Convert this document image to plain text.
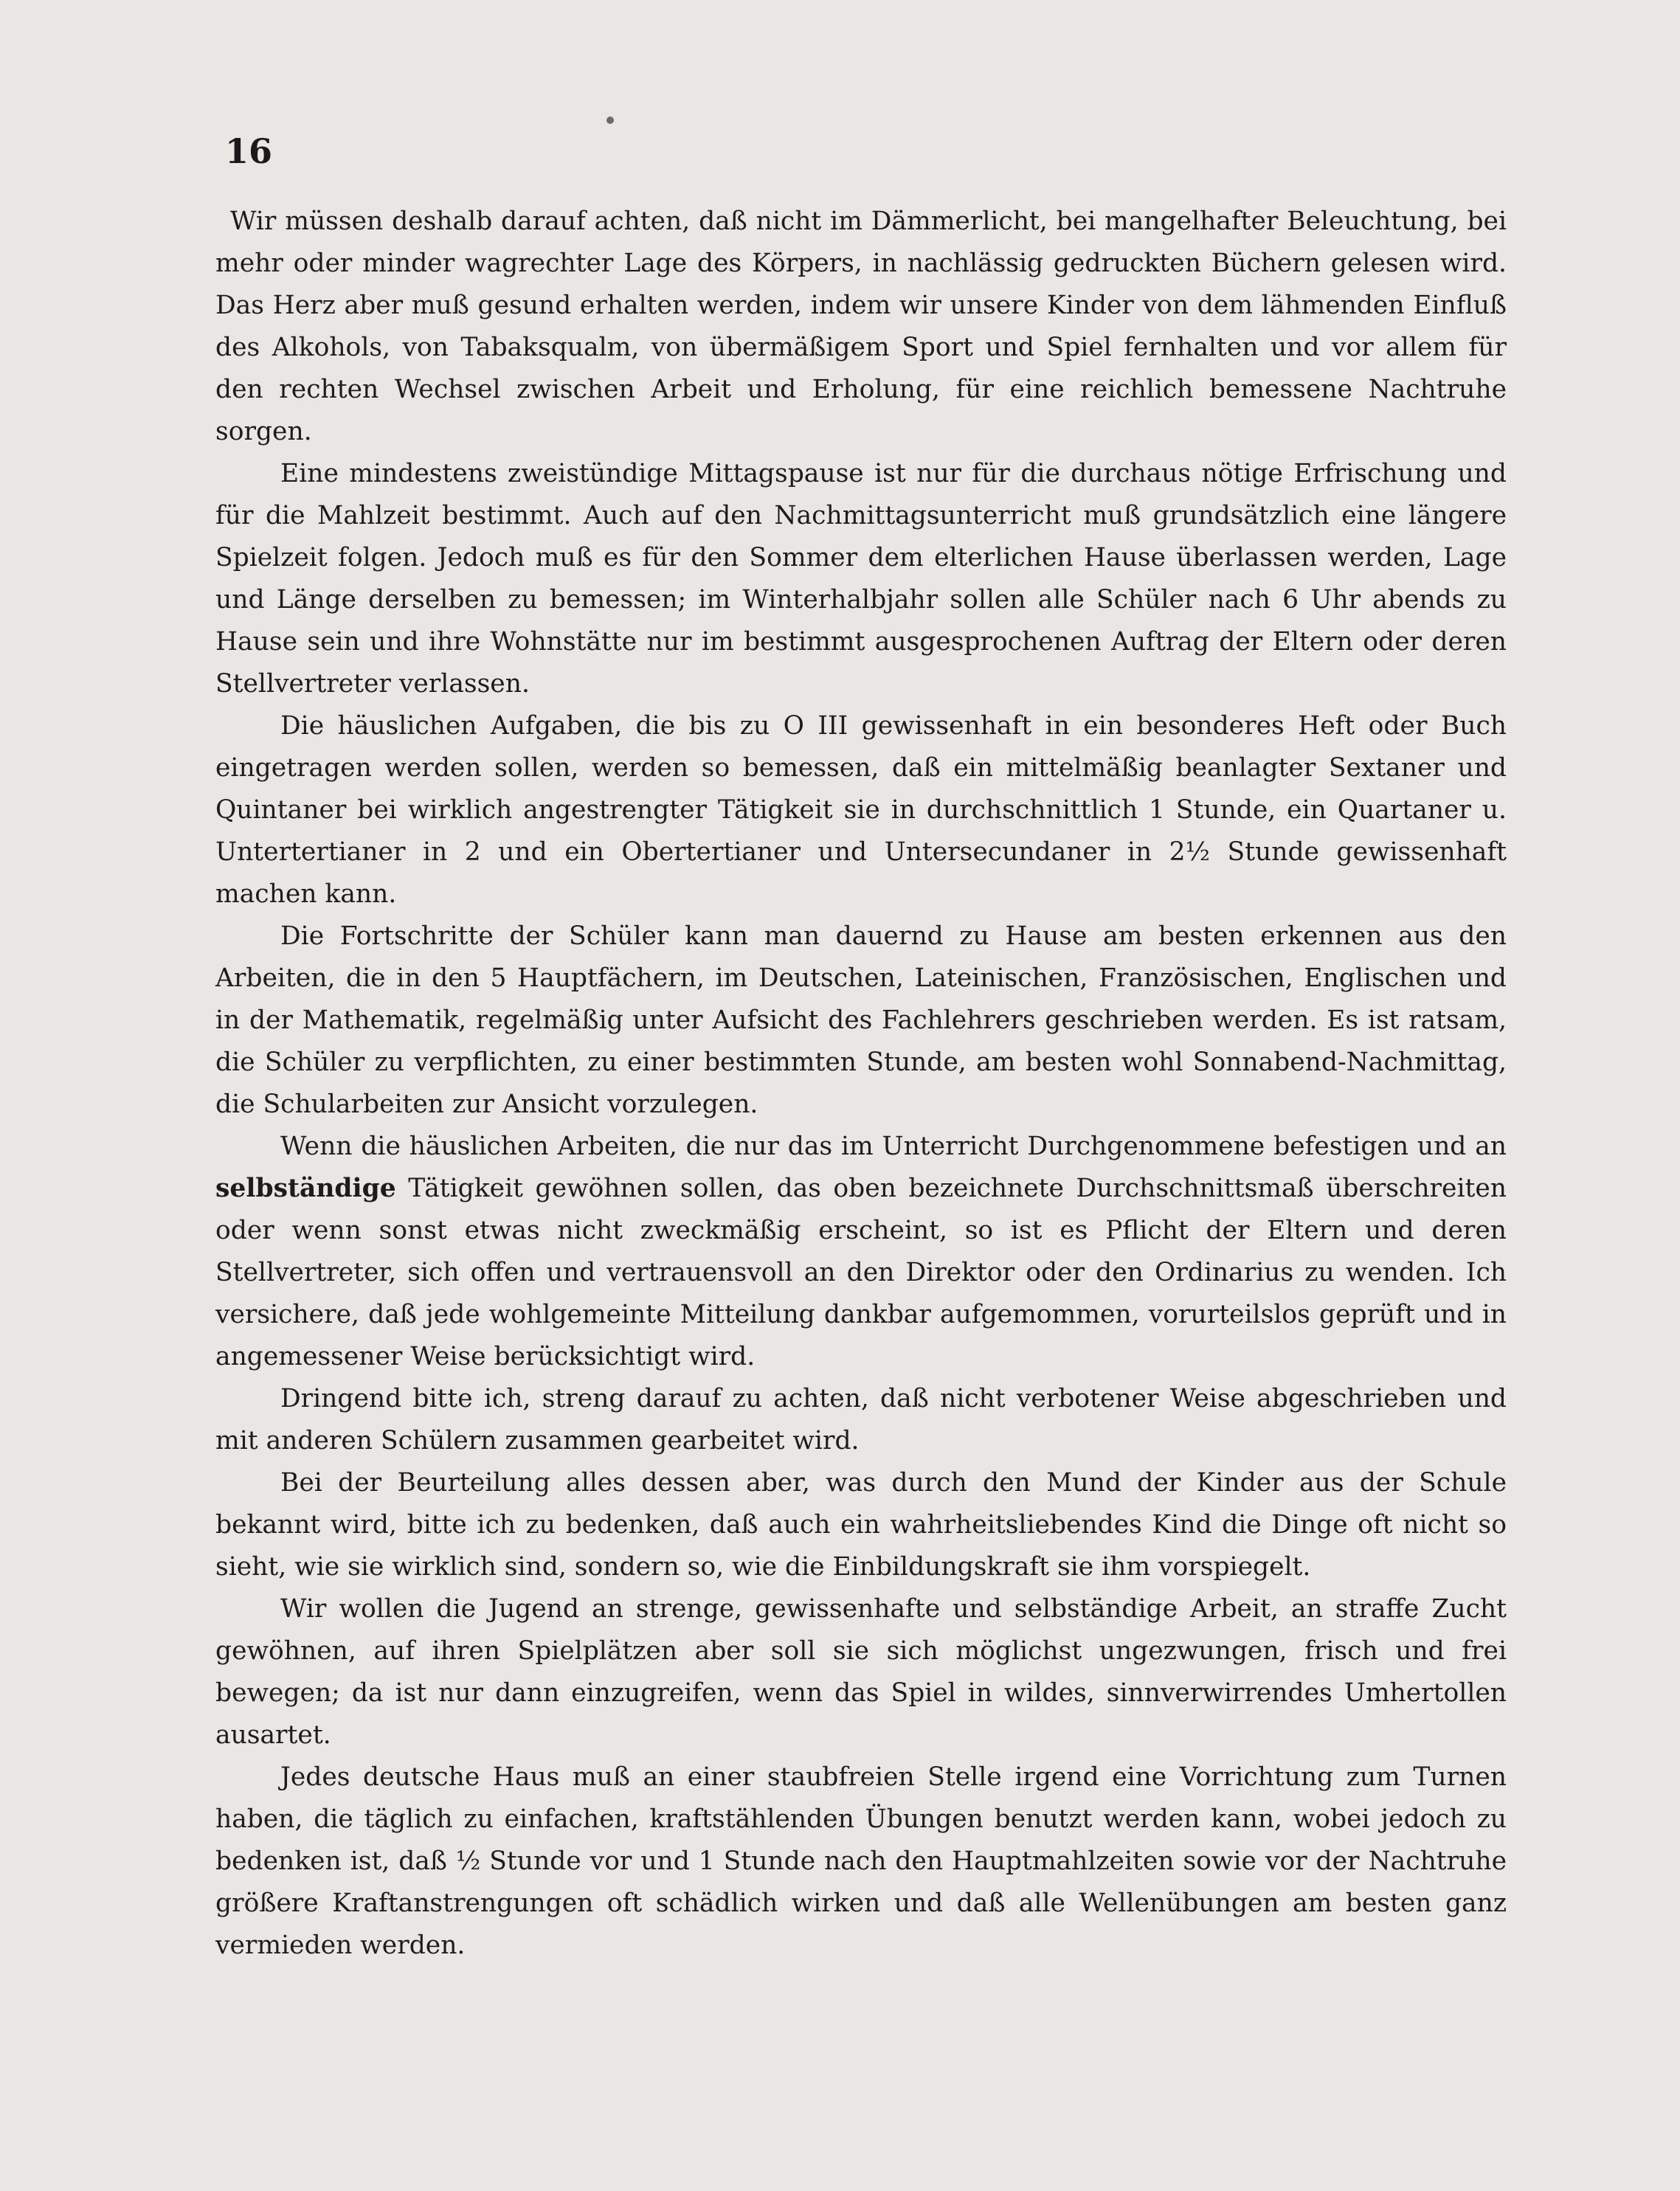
16

Wir müssen deshalb darauf achten, daß nicht im Dämmerlicht, bei mangelhafter Beleuchtung, bei mehr oder minder wagrechter Lage des Körpers, in nachlässig gedruckten Büchern gelesen wird. Das Herz aber muß gesund erhalten werden, indem wir unsere Kinder von dem lähmenden Einfluß des Alkohols, von Tabaksqualm, von übermäßigem Sport und Spiel fernhalten und vor allem für den rechten Wechsel zwischen Arbeit und Erholung, für eine reichlich bemessene Nachtruhe sorgen.

Eine mindestens zweistündige Mittagspause ist nur für die durchaus nötige Erfrischung und für die Mahlzeit bestimmt. Auch auf den Nachmittagsunterricht muß grundsätzlich eine längere Spielzeit folgen. Jedoch muß es für den Sommer dem elterlichen Hause überlassen werden, Lage und Länge derselben zu bemessen; im Winterhalbjahr sollen alle Schüler nach 6 Uhr abends zu Hause sein und ihre Wohnstätte nur im bestimmt ausgesprochenen Auftrag der Eltern oder deren Stellvertreter verlassen.

Die häuslichen Aufgaben, die bis zu O III gewissenhaft in ein besonderes Heft oder Buch eingetragen werden sollen, werden so bemessen, daß ein mittelmäßig beanlagter Sextaner und Quintaner bei wirklich angestrengter Tätigkeit sie in durchschnittlich 1 Stunde, ein Quartaner u. Untertertianer in 2 und ein Obertertianer und Untersecundaner in 2½ Stunde gewissenhaft machen kann.

Die Fortschritte der Schüler kann man dauernd zu Hause am besten erkennen aus den Arbeiten, die in den 5 Hauptfächern, im Deutschen, Lateinischen, Französischen, Englischen und in der Mathematik, regelmäßig unter Aufsicht des Fachlehrers geschrieben werden. Es ist ratsam, die Schüler zu verpflichten, zu einer bestimmten Stunde, am besten wohl Sonnabend-Nachmittag, die Schularbeiten zur Ansicht vorzulegen.

Wenn die häuslichen Arbeiten, die nur das im Unterricht Durchgenommene befestigen und an selbständige Tätigkeit gewöhnen sollen, das oben bezeichnete Durchschnittsmaß überschreiten oder wenn sonst etwas nicht zweckmäßig erscheint, so ist es Pflicht der Eltern und deren Stellvertreter, sich offen und vertrauensvoll an den Direktor oder den Ordinarius zu wenden. Ich versichere, daß jede wohlgemeinte Mitteilung dankbar aufgemommen, vorurteilslos geprüft und in angemessener Weise berücksichtigt wird.

Dringend bitte ich, streng darauf zu achten, daß nicht verbotener Weise abgeschrieben und mit anderen Schülern zusammen gearbeitet wird.

Bei der Beurteilung alles dessen aber, was durch den Mund der Kinder aus der Schule bekannt wird, bitte ich zu bedenken, daß auch ein wahrheitsliebendes Kind die Dinge oft nicht so sieht, wie sie wirklich sind, sondern so, wie die Einbildungskraft sie ihm vorspiegelt.

Wir wollen die Jugend an strenge, gewissenhafte und selbständige Arbeit, an straffe Zucht gewöhnen, auf ihren Spielplätzen aber soll sie sich möglichst ungezwungen, frisch und frei bewegen; da ist nur dann einzugreifen, wenn das Spiel in wildes, sinnverwirrendes Umhertollen ausartet.

Jedes deutsche Haus muß an einer staubfreien Stelle irgend eine Vorrichtung zum Turnen haben, die täglich zu einfachen, kraftstählenden Übungen benutzt werden kann, wobei jedoch zu bedenken ist, daß ½ Stunde vor und 1 Stunde nach den Hauptmahlzeiten sowie vor der Nachtruhe größere Kraftanstrengungen oft schädlich wirken und daß alle Wellenübungen am besten ganz vermieden werden.
